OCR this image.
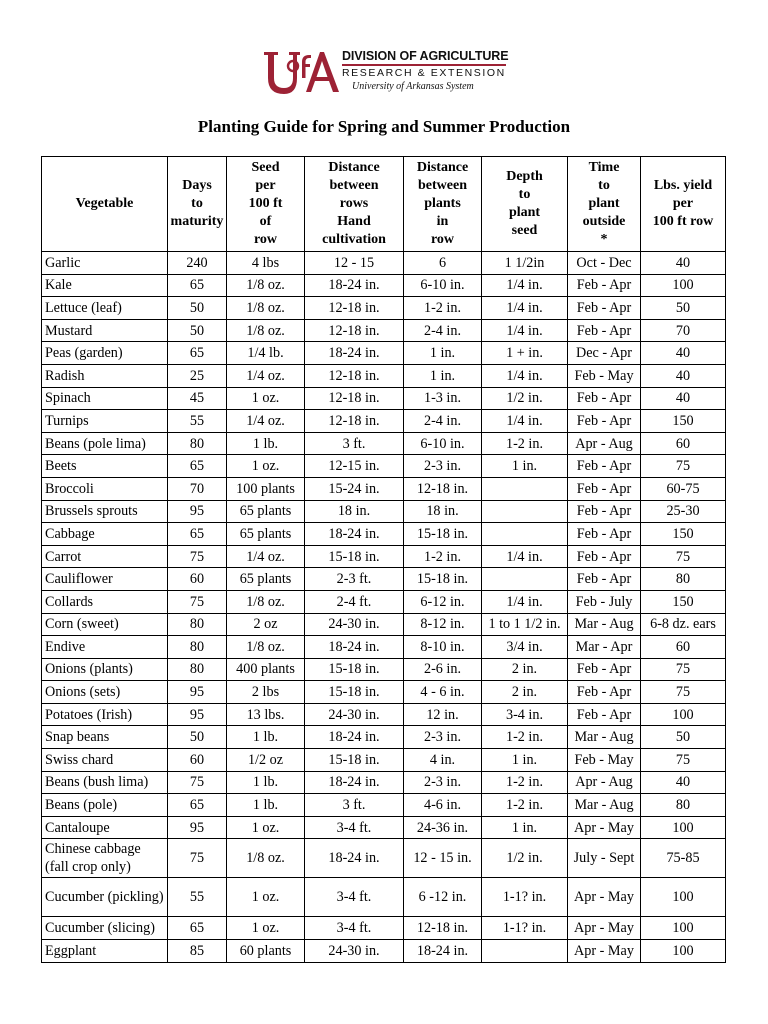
DIVISION OF AGRICULTURE
RESEARCH & EXTENSION
University of Arkansas System
Planting Guide for Spring and Summer Production
Vegetable	Days
to
maturity	Seed
per
100 ft
of
row	Distance
between
rows
Hand
cultivation	Distance
between
plants
in
row	Depth
to
plant
seed	Time
to
plant
outside
*	Lbs. yield
per
100 ft row
Garlic	240	4 lbs	12 - 15	6	1 1/2in	Oct - Dec	40
Kale	65	1/8 oz.	18-24 in.	6-10 in.	1/4 in.	Feb - Apr	100
Lettuce (leaf)	50	1/8 oz.	12-18 in.	1-2 in.	1/4 in.	Feb - Apr	50
Mustard	50	1/8 oz.	12-18 in.	2-4 in.	1/4 in.	Feb - Apr	70
Peas (garden)	65	1/4 lb.	18-24 in.	1 in.	1 + in.	Dec - Apr	40
Radish	25	1/4 oz.	12-18 in.	1 in.	1/4 in.	Feb - May	40
Spinach	45	1 oz.	12-18 in.	1-3 in.	1/2 in.	Feb - Apr	40
Turnips	55	1/4 oz.	12-18 in.	2-4 in.	1/4 in.	Feb - Apr	150
Beans (pole lima)	80	1 lb.	3 ft.	6-10 in.	1-2 in.	Apr - Aug	60
Beets	65	1 oz.	12-15 in.	2-3 in.	1 in.	Feb - Apr	75
Broccoli	70	100 plants	15-24 in.	12-18 in.		Feb - Apr	60-75
Brussels sprouts	95	65 plants	18 in.	18 in.		Feb - Apr	25-30
Cabbage	65	65 plants	18-24 in.	15-18 in.		Feb - Apr	150
Carrot	75	1/4 oz.	15-18 in.	1-2 in.	1/4 in.	Feb - Apr	75
Cauliflower	60	65 plants	2-3 ft.	15-18 in.		Feb - Apr	80
Collards	75	1/8 oz.	2-4 ft.	6-12 in.	1/4 in.	Feb - July	150
Corn (sweet)	80	2 oz	24-30 in.	8-12 in.	1 to 1 1/2 in.	Mar - Aug	6-8 dz. ears
Endive	80	1/8 oz.	18-24 in.	8-10 in.	3/4 in.	Mar - Apr	60
Onions (plants)	80	400 plants	15-18 in.	2-6 in.	2 in.	Feb - Apr	75
Onions (sets)	95	2 lbs	15-18 in.	4 - 6 in.	2 in.	Feb - Apr	75
Potatoes (Irish)	95	13 lbs.	24-30 in.	12 in.	3-4 in.	Feb - Apr	100
Snap beans	50	1 lb.	18-24 in.	2-3 in.	1-2 in.	Mar - Aug	50
Swiss chard	60	1/2 oz	15-18 in.	4 in.	1 in.	Feb - May	75
Beans (bush lima)	75	1 lb.	18-24 in.	2-3 in.	1-2 in.	Apr - Aug	40
Beans (pole)	65	1 lb.	3 ft.	4-6 in.	1-2 in.	Mar - Aug	80
Cantaloupe	95	1 oz.	3-4 ft.	24-36 in.	1 in.	Apr - May	100
Chinese cabbage (fall crop only)	75	1/8 oz.	18-24 in.	12 - 15 in.	1/2 in.	July - Sept	75-85
Cucumber (pickling)	55	1 oz.	3-4 ft.	6 -12 in.	1-1? in.	Apr - May	100
Cucumber (slicing)	65	1 oz.	3-4 ft.	12-18 in.	1-1? in.	Apr - May	100
Eggplant	85	60 plants	24-30 in.	18-24 in.		Apr - May	100
